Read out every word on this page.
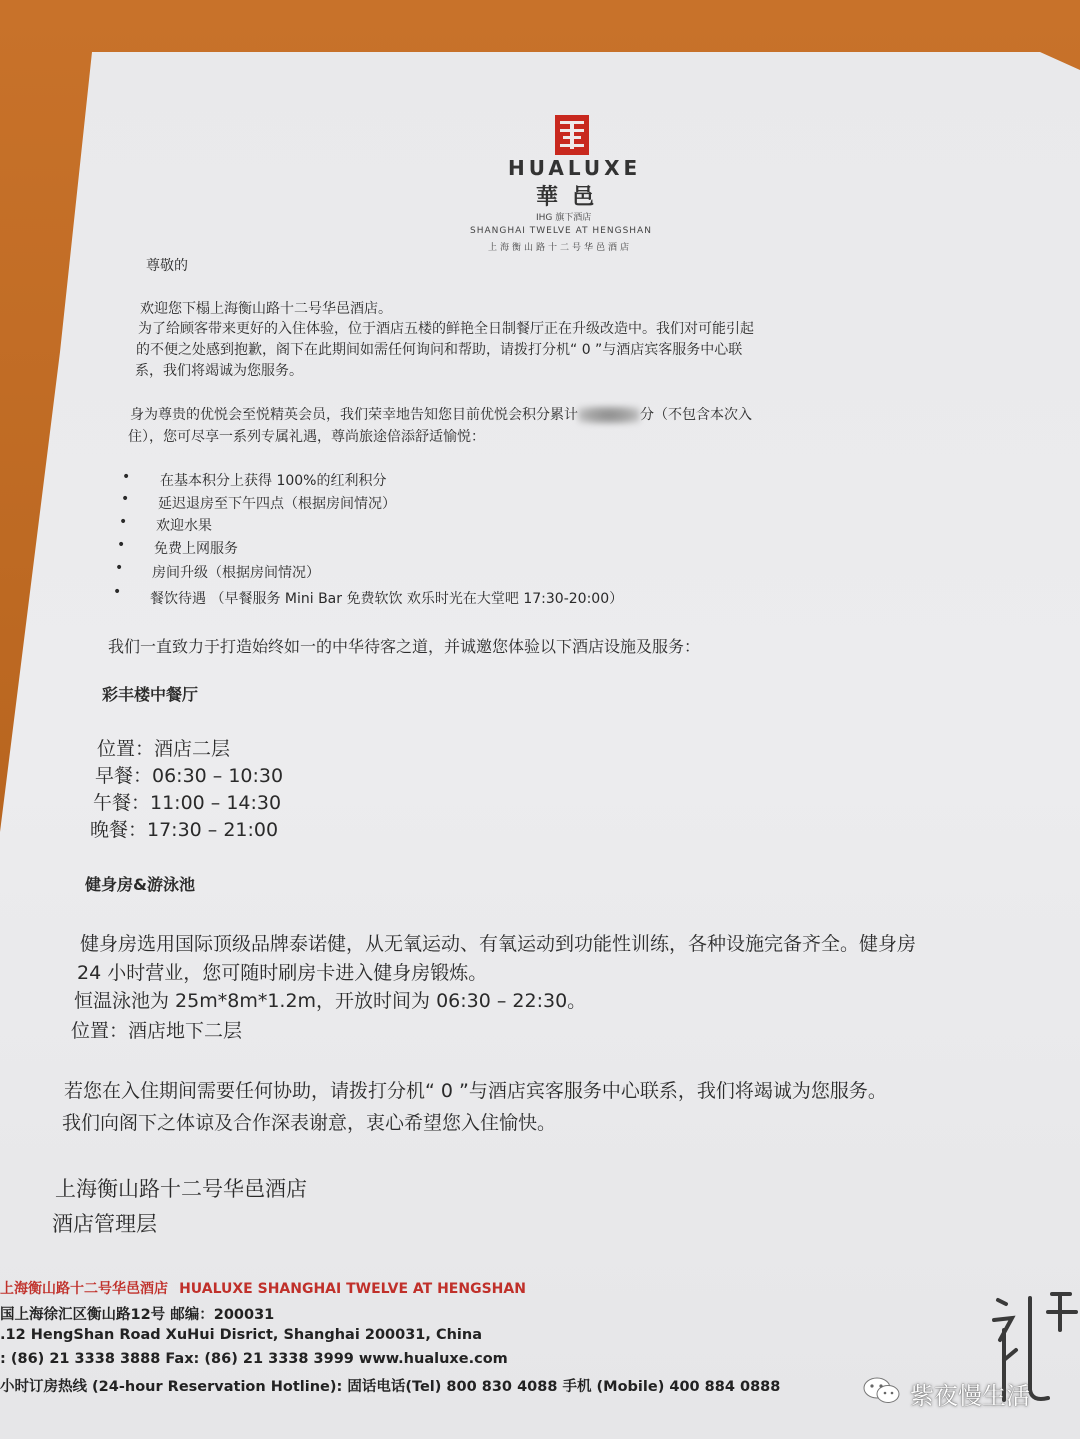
HUALUXE
華邑
IHG 旗下酒店
SHANGHAI TWELVE AT HENGSHAN
上海衡山路十二号华邑酒店
尊敬的
欢迎您下榻上海衡山路十二号华邑酒店。
为了给顾客带来更好的入住体验，位于酒店五楼的鲜艳全日制餐厅正在升级改造中。我们对可能引起
的不便之处感到抱歉，阁下在此期间如需任何询问和帮助，请拨打分机“ 0 ”与酒店宾客服务中心联
系，我们将竭诚为您服务。
身为尊贵的优悦会至悦精英会员，我们荣幸地告知您目前优悦会积分累计	分（不包含本次入
住），您可尽享一系列专属礼遇，尊尚旅途倍添舒适愉悦：
• 在基本积分上获得 100%的红利积分
• 延迟退房至下午四点（根据房间情况）
• 欢迎水果
• 免费上网服务
• 房间升级（根据房间情况）
• 餐饮待遇 （早餐服务 Mini Bar 免费软饮 欢乐时光在大堂吧 17:30-20:00）
我们一直致力于打造始终如一的中华待客之道，并诚邀您体验以下酒店设施及服务：
彩丰楼中餐厅
位置：酒店二层
早餐：06:30 – 10:30
午餐：11:00 – 14:30
晚餐：17:30 – 21:00
健身房&游泳池
健身房选用国际顶级品牌泰诺健，从无氧运动、有氧运动到功能性训练，各种设施完备齐全。健身房
24 小时营业，您可随时刷房卡进入健身房锻炼。
恒温泳池为 25m*8m*1.2m，开放时间为 06:30 – 22:30。
位置：酒店地下二层
若您在入住期间需要任何协助，请拨打分机“ 0 ”与酒店宾客服务中心联系，我们将竭诚为您服务。
我们向阁下之体谅及合作深表谢意，衷心希望您入住愉快。
上海衡山路十二号华邑酒店
酒店管理层
上海衡山路十二号华邑酒店 HUALUXE SHANGHAI TWELVE AT HENGSHAN
国上海徐汇区衡山路12号 邮编：200031
.12 HengShan Road XuHui Disrict, Shanghai 200031, China
: (86) 21 3338 3888 Fax: (86) 21 3338 3999 www.hualuxe.com
小时订房热线 (24-hour Reservation Hotline): 固话电话(Tel) 800 830 4088 手机 (Mobile) 400 884 0888	紫夜慢生活
